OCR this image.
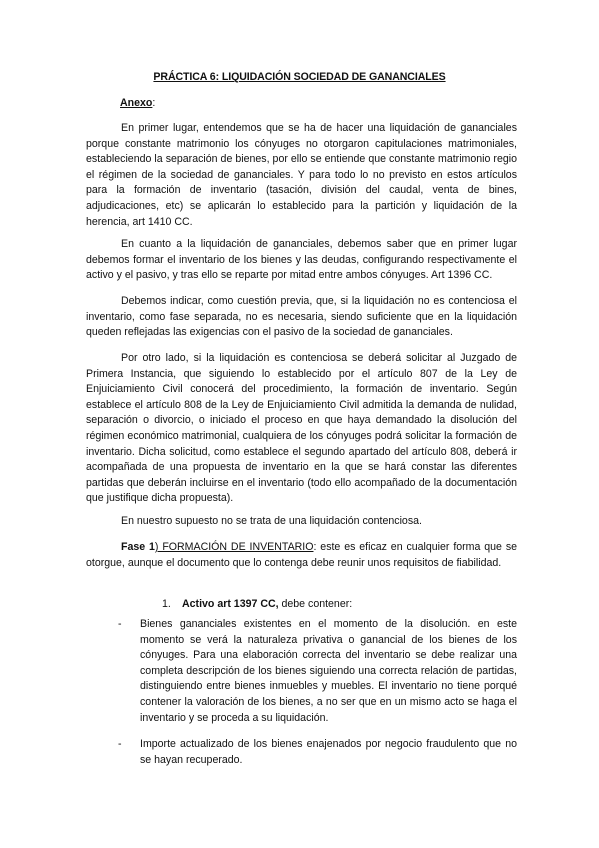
PRÁCTICA 6: LIQUIDACIÓN SOCIEDAD DE GANANCIALES
Anexo:

En primer lugar, entendemos que se ha de hacer una liquidación de gananciales porque constante matrimonio los cónyuges no otorgaron capitulaciones matrimoniales, estableciendo la separación de bienes, por ello se entiende que constante matrimonio regio el régimen de la sociedad de gananciales. Y para todo lo no previsto en estos artículos para la formación de inventario (tasación, división del caudal, venta de bines, adjudicaciones, etc) se aplicarán lo establecido para la partición y liquidación de la herencia, art 1410 CC.

En cuanto a la liquidación de gananciales, debemos saber que en primer lugar debemos formar el inventario de los bienes y las deudas, configurando respectivamente el activo y el pasivo, y tras ello se reparte por mitad entre ambos cónyuges. Art 1396 CC.

Debemos indicar, como cuestión previa, que, si la liquidación no es contenciosa el inventario, como fase separada, no es necesaria, siendo suficiente que en la liquidación queden reflejadas las exigencias con el pasivo de la sociedad de gananciales.

Por otro lado, si la liquidación es contenciosa se deberá solicitar al Juzgado de Primera Instancia, que siguiendo lo establecido por el artículo 807 de la Ley de Enjuiciamiento Civil conocerá del procedimiento, la formación de inventario. Según establece el artículo 808 de la Ley de Enjuiciamiento Civil admitida la demanda de nulidad, separación o divorcio, o iniciado el proceso en que haya demandado la disolución del régimen económico matrimonial, cualquiera de los cónyuges podrá solicitar la formación de inventario. Dicha solicitud, como establece el segundo apartado del artículo 808, deberá ir acompañada de una propuesta de inventario en la que se hará constar las diferentes partidas que deberán incluirse en el inventario (todo ello acompañado de la documentación que justifique dicha propuesta).

En nuestro supuesto no se trata de una liquidación contenciosa.

Fase 1) FORMACIÓN DE INVENTARIO: este es eficaz en cualquier forma que se otorgue, aunque el documento que lo contenga debe reunir unos requisitos de fiabilidad.

1. Activo art 1397 CC, debe contener:
-	Bienes gananciales existentes en el momento de la disolución. en este momento se verá la naturaleza privativa o ganancial de los bienes de los cónyuges. Para una elaboración correcta del inventario se debe realizar una completa descripción de los bienes siguiendo una correcta relación de partidas, distinguiendo entre bienes inmuebles y muebles. El inventario no tiene porqué contener la valoración de los bienes, a no ser que en un mismo acto se haga el inventario y se proceda a su liquidación.

-	Importe actualizado de los bienes enajenados por negocio fraudulento que no se hayan recuperado.
